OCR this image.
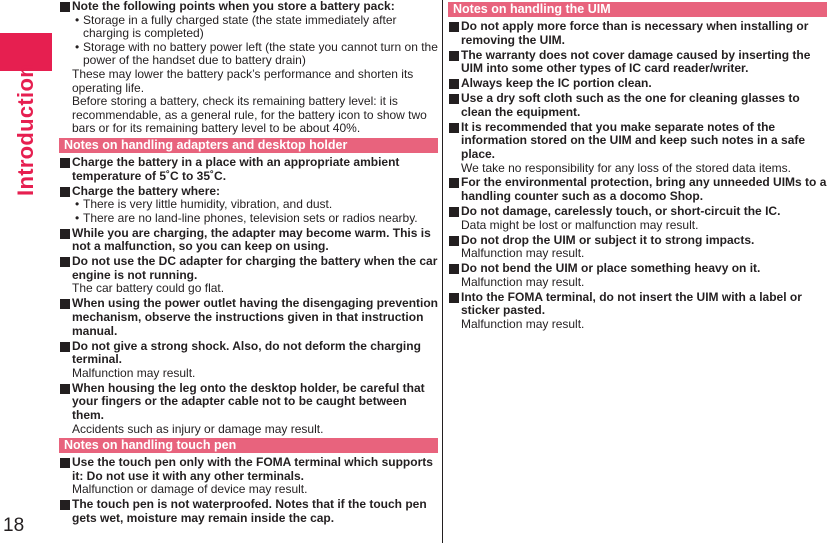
Introduction
18
Note the following points when you store a battery pack:
• Storage in a fully charged state (the state immediately after charging is completed)
• Storage with no battery power left (the state you cannot turn on the power of the handset due to battery drain)
These may lower the battery pack’s performance and shorten its operating life.
Before storing a battery, check its remaining battery level: it is recommendable, as a general rule, for the battery icon to show two bars or for its remaining battery level to be about 40%.
Notes on handling adapters and desktop holder
Charge the battery in a place with an appropriate ambient temperature of 5˚C to 35˚C.
Charge the battery where:
• There is very little humidity, vibration, and dust.
• There are no land-line phones, television sets or radios nearby.
While you are charging, the adapter may become warm. This is not a malfunction, so you can keep on using.
Do not use the DC adapter for charging the battery when the car engine is not running.
The car battery could go flat.
When using the power outlet having the disengaging prevention mechanism, observe the instructions given in that instruction manual.
Do not give a strong shock. Also, do not deform the charging terminal.
Malfunction may result.
When housing the leg onto the desktop holder, be careful that your fingers or the adapter cable not to be caught between them.
Accidents such as injury or damage may result.
Notes on handling touch pen
Use the touch pen only with the FOMA terminal which supports it: Do not use it with any other terminals.
Malfunction or damage of device may result.
The touch pen is not waterproofed. Notes that if the touch pen gets wet, moisture may remain inside the cap.
Notes on handling the UIM
Do not apply more force than is necessary when installing or removing the UIM.
The warranty does not cover damage caused by inserting the UIM into some other types of IC card reader/writer.
Always keep the IC portion clean.
Use a dry soft cloth such as the one for cleaning glasses to clean the equipment.
It is recommended that you make separate notes of the information stored on the UIM and keep such notes in a safe place.
We take no responsibility for any loss of the stored data items.
For the environmental protection, bring any unneeded UIMs to a handling counter such as a docomo Shop.
Do not damage, carelessly touch, or short-circuit the IC.
Data might be lost or malfunction may result.
Do not drop the UIM or subject it to strong impacts.
Malfunction may result.
Do not bend the UIM or place something heavy on it.
Malfunction may result.
Into the FOMA terminal, do not insert the UIM with a label or sticker pasted.
Malfunction may result.
